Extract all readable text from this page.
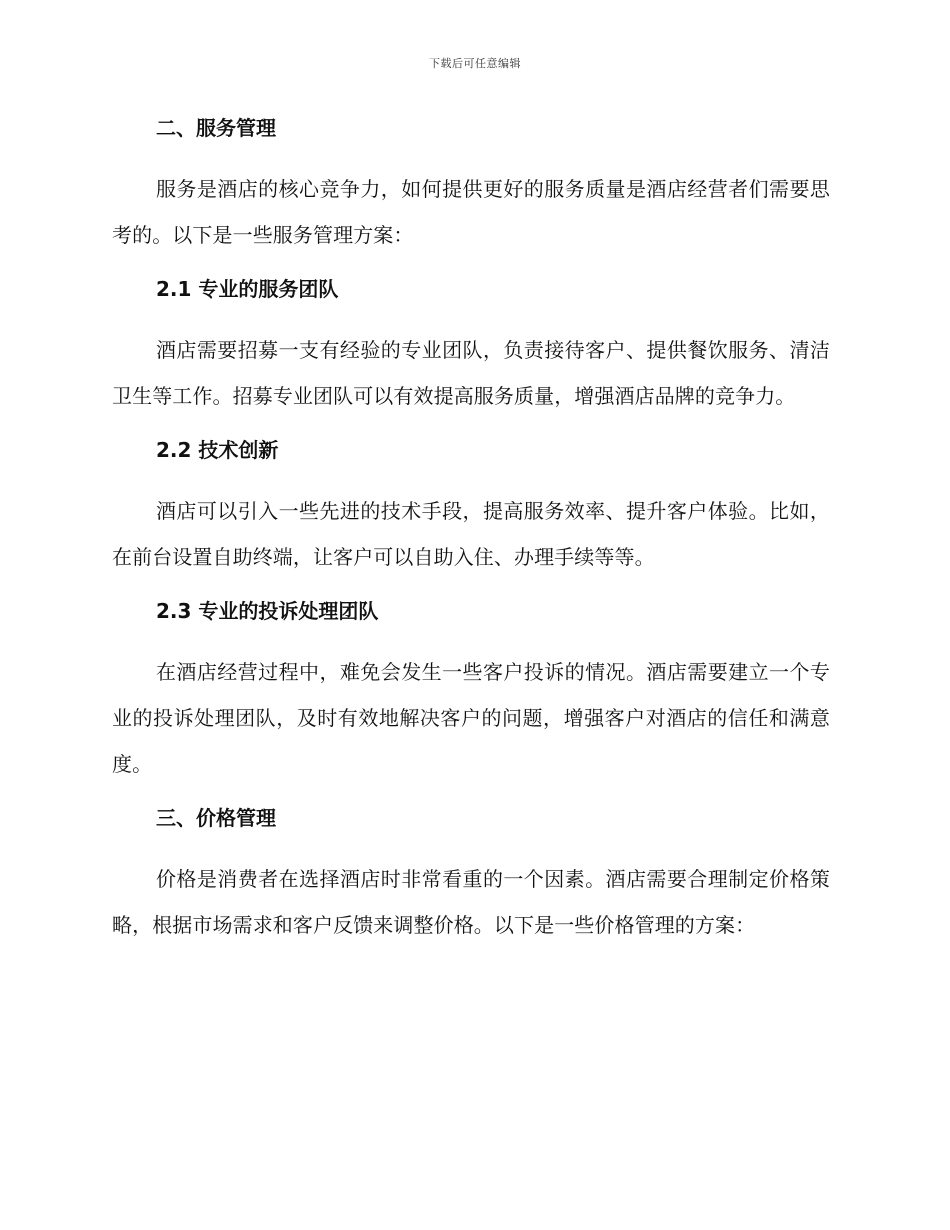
下载后可任意编辑
二、服务管理
服务是酒店的核心竞争力，如何提供更好的服务质量是酒店经营者们需要思考的。以下是一些服务管理方案：
2.1 专业的服务团队
酒店需要招募一支有经验的专业团队，负责接待客户、提供餐饮服务、清洁卫生等工作。招募专业团队可以有效提高服务质量，增强酒店品牌的竞争力。
2.2 技术创新
酒店可以引入一些先进的技术手段，提高服务效率、提升客户体验。比如，在前台设置自助终端，让客户可以自助入住、办理手续等等。
2.3 专业的投诉处理团队
在酒店经营过程中，难免会发生一些客户投诉的情况。酒店需要建立一个专业的投诉处理团队，及时有效地解决客户的问题，增强客户对酒店的信任和满意度。
三、价格管理
价格是消费者在选择酒店时非常看重的一个因素。酒店需要合理制定价格策略，根据市场需求和客户反馈来调整价格。以下是一些价格管理的方案：
